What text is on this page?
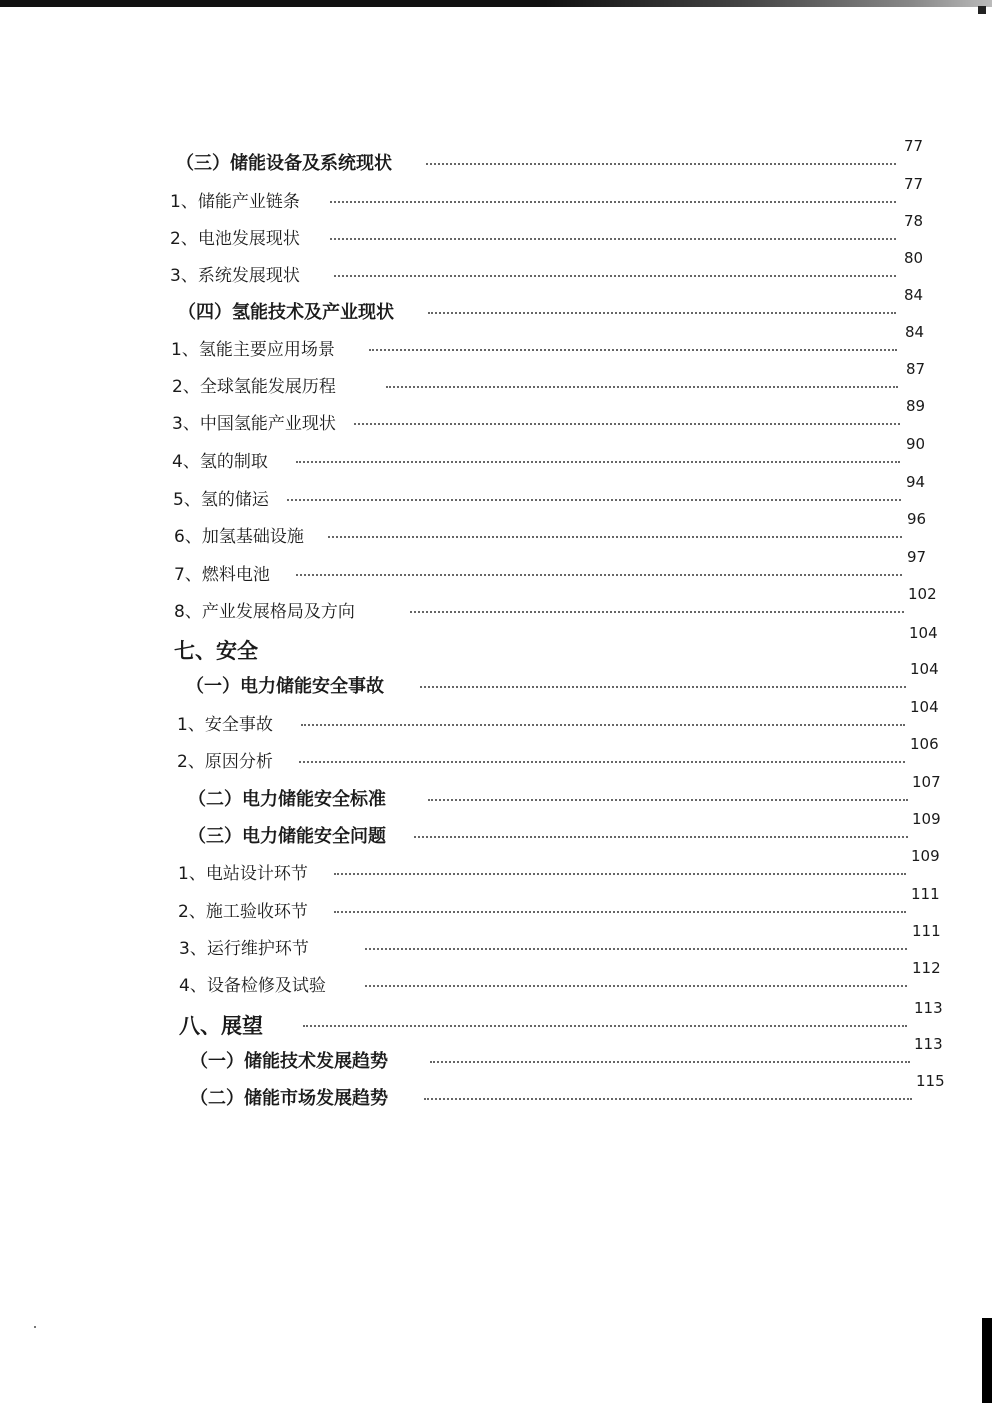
（三）储能设备及系统现状
77
1、储能产业链条
77
2、电池发展现状
78
3、系统发展现状
80
（四）氢能技术及产业现状
84
1、氢能主要应用场景
84
2、全球氢能发展历程
87
3、中国氢能产业现状
89
4、氢的制取
90
5、氢的储运
94
6、加氢基础设施
96
7、燃料电池
97
8、产业发展格局及方向
102
七、安全
104
（一）电力储能安全事故
104
1、安全事故
104
2、原因分析
106
（二）电力储能安全标准
107
（三）电力储能安全问题
109
1、电站设计环节
109
2、施工验收环节
111
3、运行维护环节
111
4、设备检修及试验
112
八、展望
113
（一）储能技术发展趋势
113
（二）储能市场发展趋势
115
